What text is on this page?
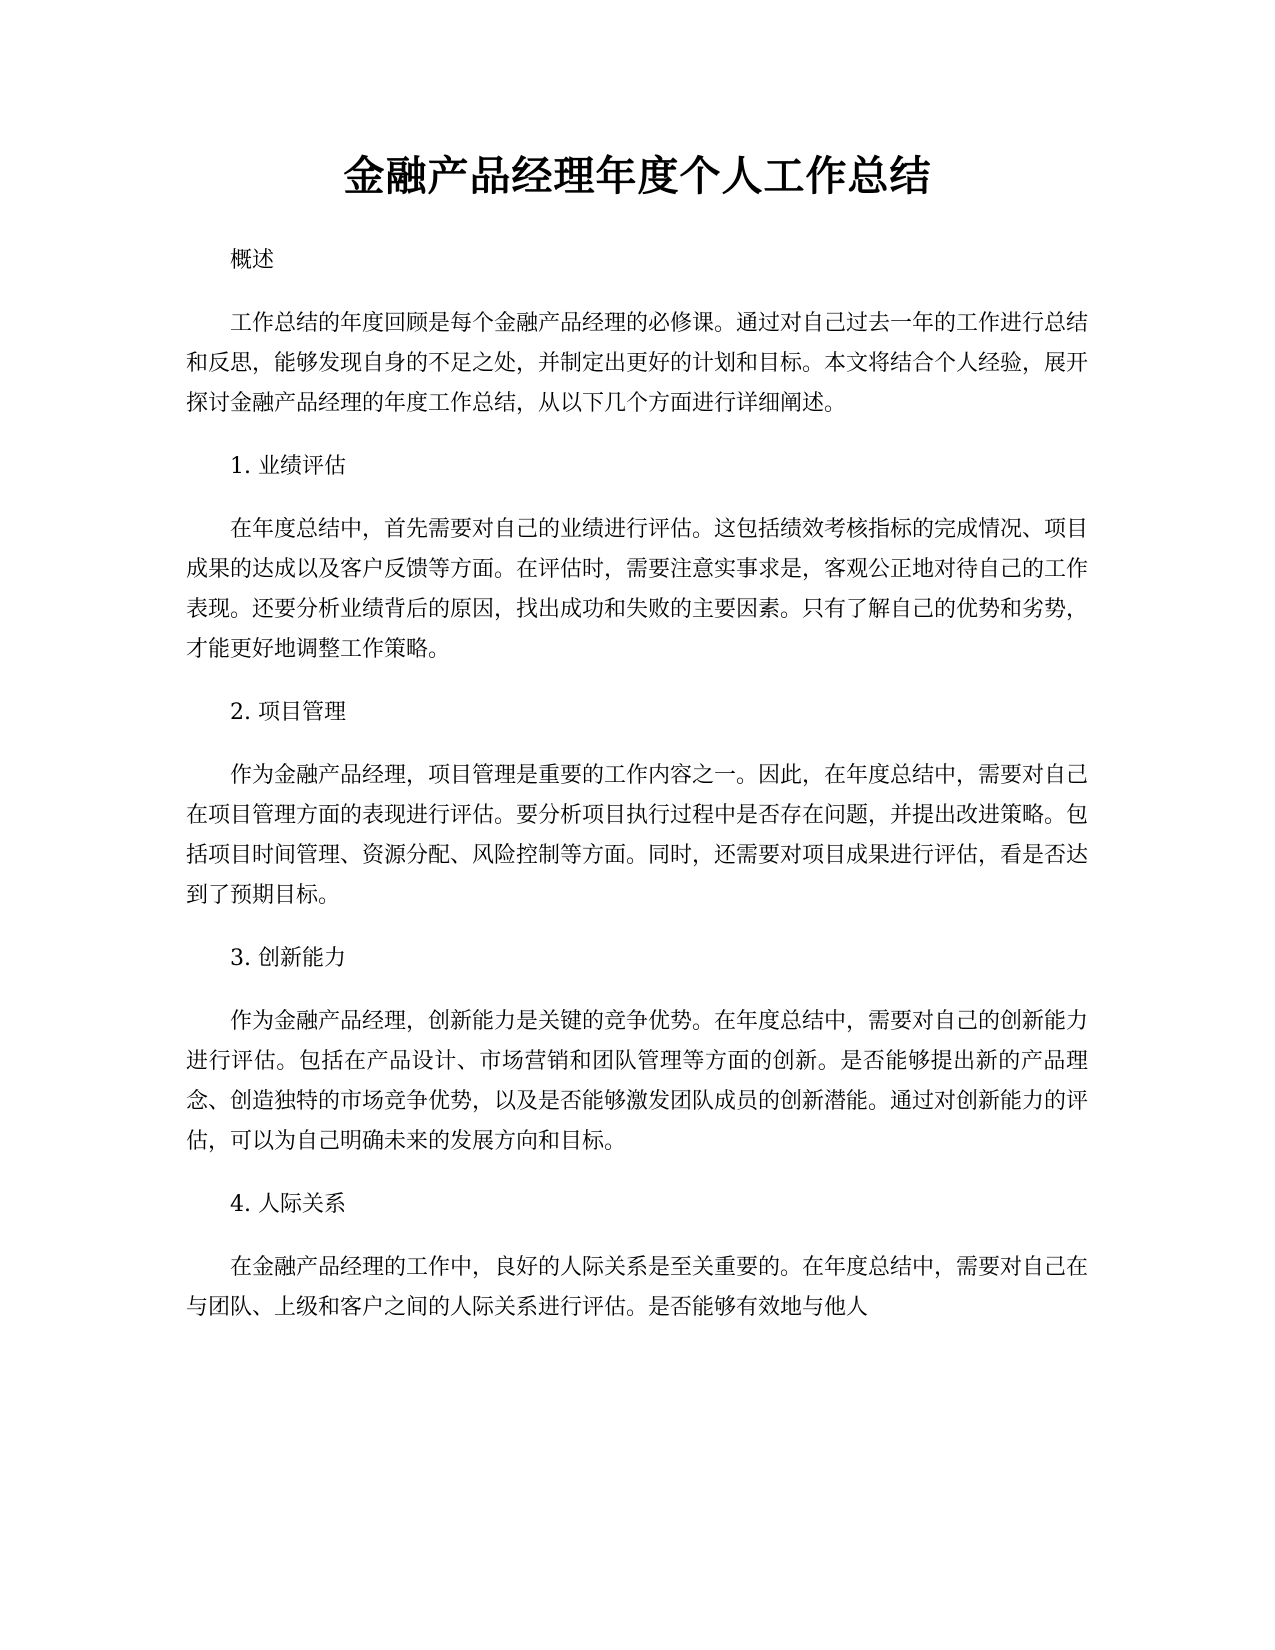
金融产品经理年度个人工作总结

概述

工作总结的年度回顾是每个金融产品经理的必修课。通过对自己过去一年的工作进行总结和反思，能够发现自身的不足之处，并制定出更好的计划和目标。本文将结合个人经验，展开探讨金融产品经理的年度工作总结，从以下几个方面进行详细阐述。

1. 业绩评估

在年度总结中，首先需要对自己的业绩进行评估。这包括绩效考核指标的完成情况、项目成果的达成以及客户反馈等方面。在评估时，需要注意实事求是，客观公正地对待自己的工作表现。还要分析业绩背后的原因，找出成功和失败的主要因素。只有了解自己的优势和劣势，才能更好地调整工作策略。

2. 项目管理

作为金融产品经理，项目管理是重要的工作内容之一。因此，在年度总结中，需要对自己在项目管理方面的表现进行评估。要分析项目执行过程中是否存在问题，并提出改进策略。包括项目时间管理、资源分配、风险控制等方面。同时，还需要对项目成果进行评估，看是否达到了预期目标。

3. 创新能力

作为金融产品经理，创新能力是关键的竞争优势。在年度总结中，需要对自己的创新能力进行评估。包括在产品设计、市场营销和团队管理等方面的创新。是否能够提出新的产品理念、创造独特的市场竞争优势，以及是否能够激发团队成员的创新潜能。通过对创新能力的评估，可以为自己明确未来的发展方向和目标。

4. 人际关系

在金融产品经理的工作中，良好的人际关系是至关重要的。在年度总结中，需要对自己在与团队、上级和客户之间的人际关系进行评估。是否能够有效地与他人
